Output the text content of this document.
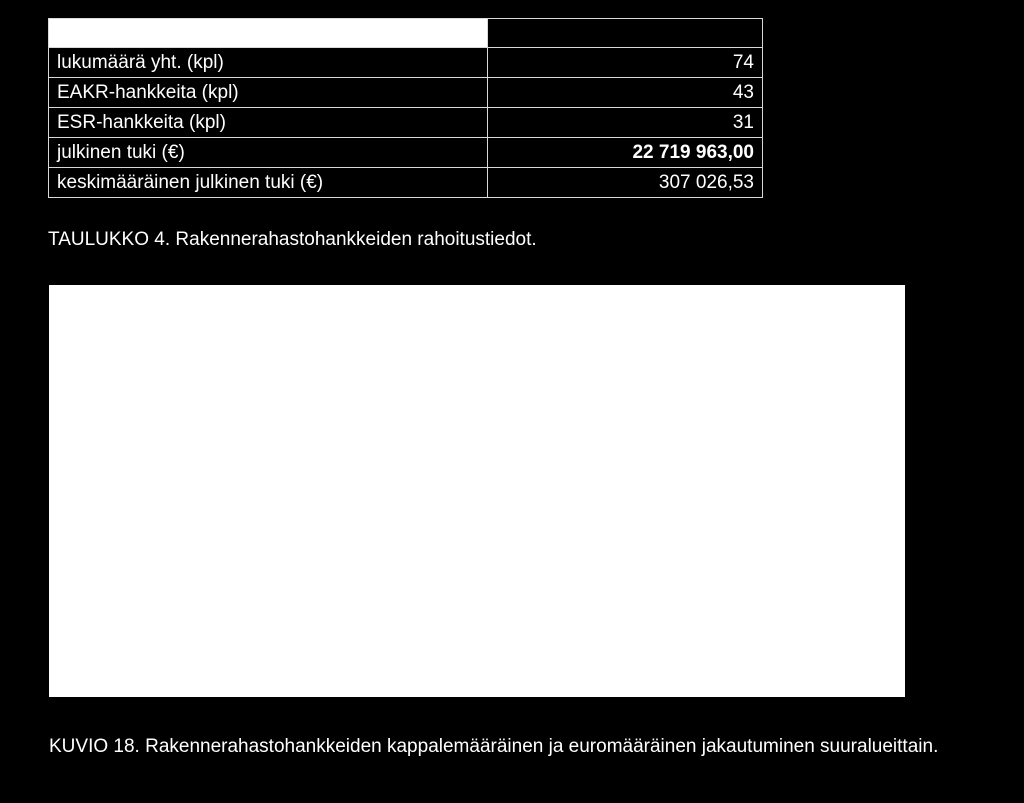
lukumäärä yht. (kpl)	74
EAKR-hankkeita (kpl)	43
ESR-hankkeita (kpl)	31
julkinen tuki (€)	22 719 963,00
keskimääräinen julkinen tuki (€)	307 026,53
TAULUKKO 4. Rakennerahastohankkeiden rahoitustiedot.
KUVIO 18. Rakennerahastohankkeiden kappalemääräinen ja euromääräinen jakautuminen suuralueittain.
